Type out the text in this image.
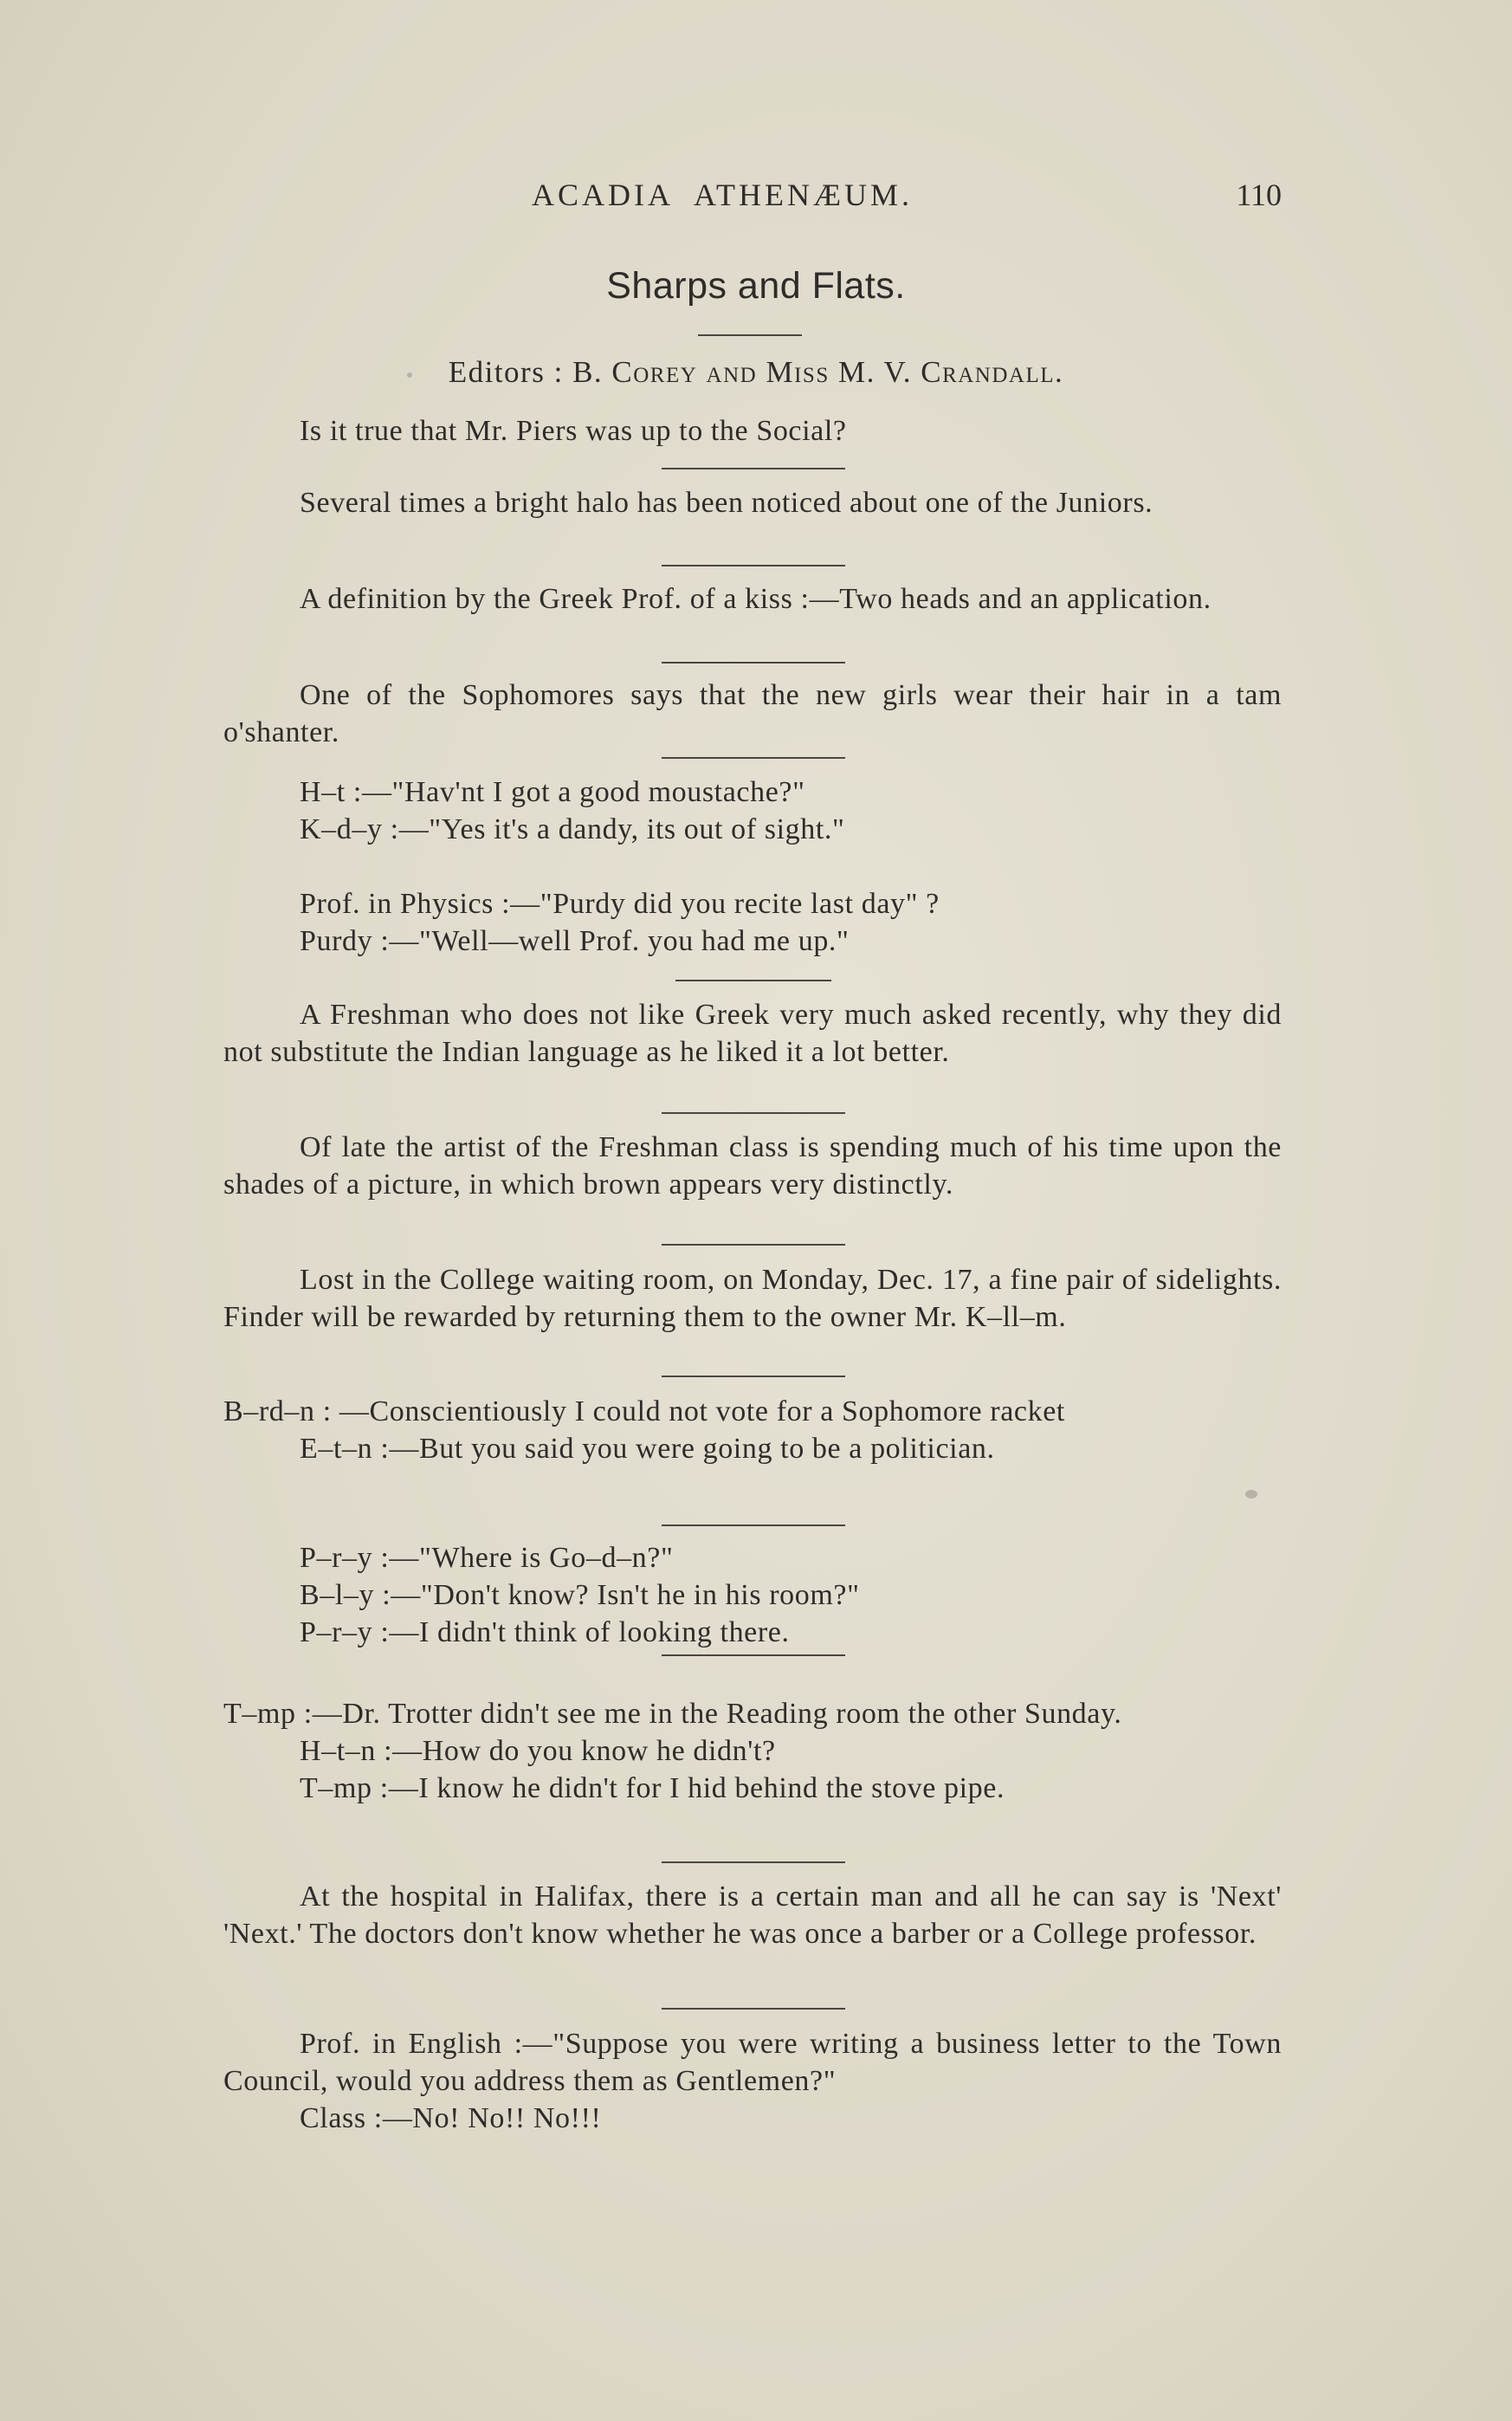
ACADIA ATHENÆUM.	110
Sharps and Flats.
Editors : B. Corey and Miss M. V. Crandall.

Is it true that Mr. Piers was up to the Social?

Several times a bright halo has been noticed about one of the Juniors.

A definition by the Greek Prof. of a kiss :—Two heads and an application.

One of the Sophomores says that the new girls wear their hair in a tam o'shanter.

H–t :—"Hav'nt I got a good moustache?"

K–d–y :—"Yes it's a dandy, its out of sight."

Prof. in Physics :—"Purdy did you recite last day" ?

Purdy :—"Well—well Prof. you had me up."

A Freshman who does not like Greek very much asked recently, why they did not substitute the Indian language as he liked it a lot better.

Of late the artist of the Freshman class is spending much of his time upon the shades of a picture, in which brown appears very distinctly.

Lost in the College waiting room, on Monday, Dec. 17, a fine pair of sidelights. Finder will be rewarded by returning them to the owner Mr. K–ll–m.

B–rd–n : —Conscientiously I could not vote for a Sophomore racket

E–t–n :—But you said you were going to be a politician.

P–r–y :—"Where is Go–d–n?"

B–l–y :—"Don't know? Isn't he in his room?"

P–r–y :—I didn't think of looking there.

T–mp :—Dr. Trotter didn't see me in the Reading room the other Sunday.

H–t–n :—How do you know he didn't?

T–mp :—I know he didn't for I hid behind the stove pipe.

At the hospital in Halifax, there is a certain man and all he can say is 'Next' 'Next.' The doctors don't know whether he was once a barber or a College professor.

Prof. in English :—"Suppose you were writing a business letter to the Town Council, would you address them as Gentlemen?"

Class :—No! No!! No!!!
